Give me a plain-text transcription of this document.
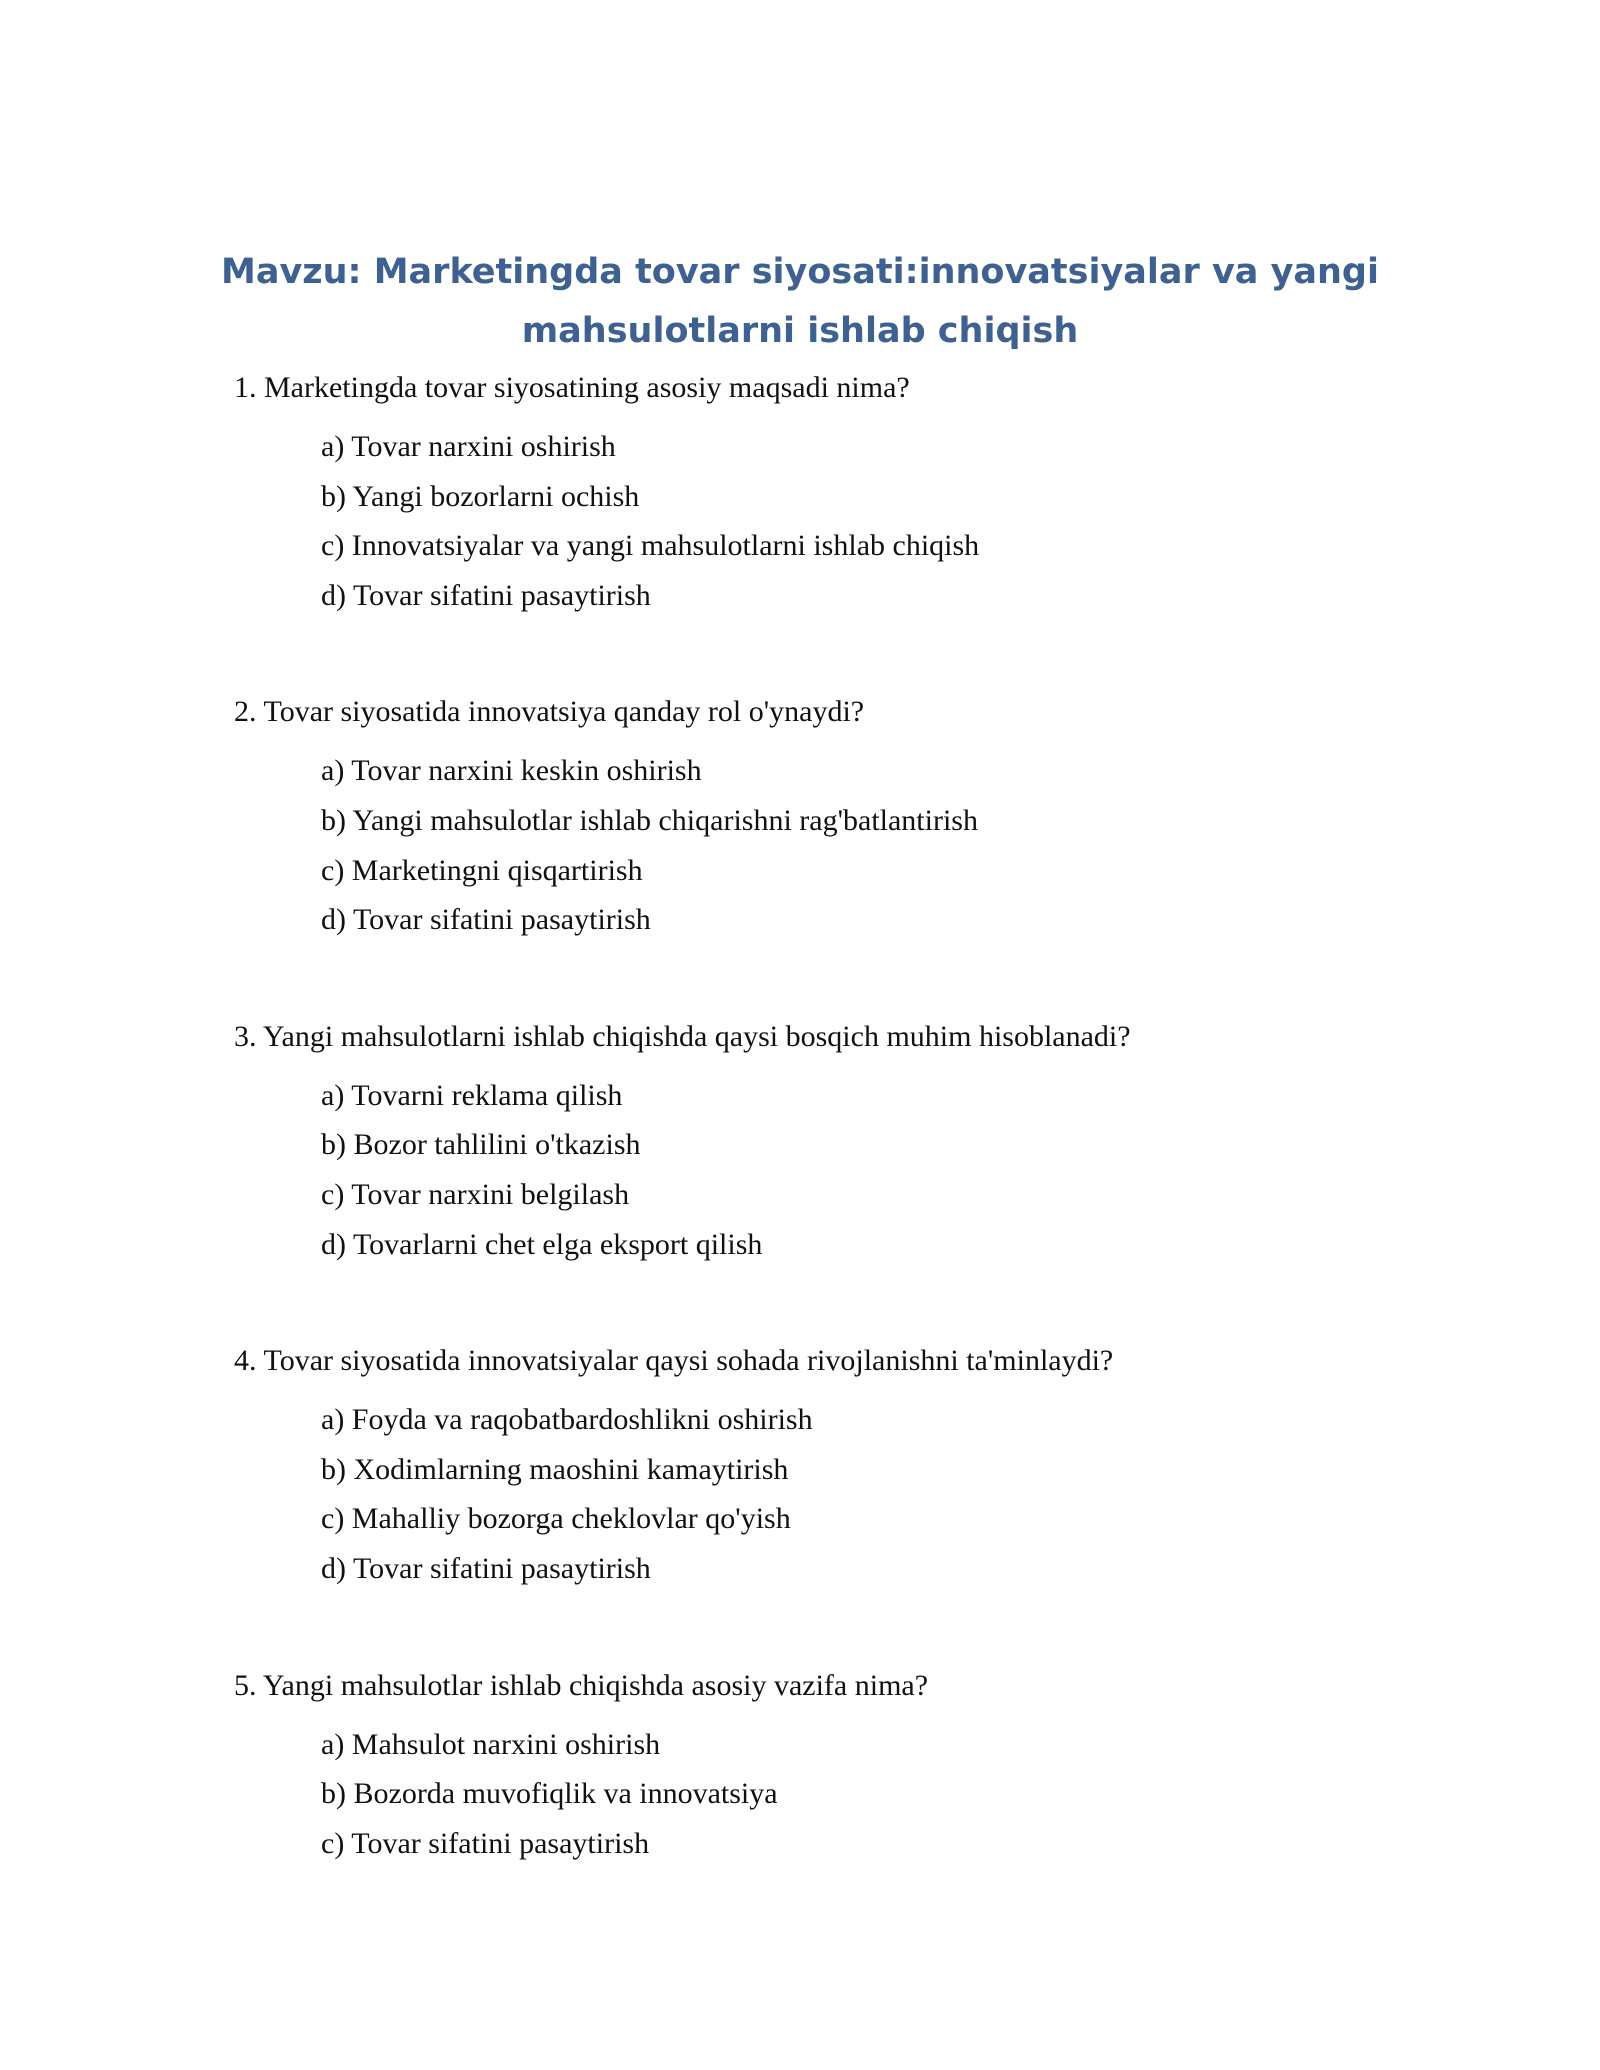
Mavzu: Marketingda tovar siyosati:innovatsiyalar va yangi
mahsulotlarni ishlab chiqish

1. Marketingda tovar siyosatining asosiy maqsadi nima?

a) Tovar narxini oshirish
b) Yangi bozorlarni ochish
c) Innovatsiyalar va yangi mahsulotlarni ishlab chiqish
d) Tovar sifatini pasaytirish

2. Tovar siyosatida innovatsiya qanday rol o'ynaydi?

a) Tovar narxini keskin oshirish
b) Yangi mahsulotlar ishlab chiqarishni rag'batlantirish
c) Marketingni qisqartirish
d) Tovar sifatini pasaytirish

3. Yangi mahsulotlarni ishlab chiqishda qaysi bosqich muhim hisoblanadi?

a) Tovarni reklama qilish
b) Bozor tahlilini o'tkazish
c) Tovar narxini belgilash
d) Tovarlarni chet elga eksport qilish

4. Tovar siyosatida innovatsiyalar qaysi sohada rivojlanishni ta'minlaydi?

a) Foyda va raqobatbardoshlikni oshirish
b) Xodimlarning maoshini kamaytirish
c) Mahalliy bozorga cheklovlar qo'yish
d) Tovar sifatini pasaytirish

5. Yangi mahsulotlar ishlab chiqishda asosiy vazifa nima?

a) Mahsulot narxini oshirish
b) Bozorda muvofiqlik va innovatsiya
c) Tovar sifatini pasaytirish
